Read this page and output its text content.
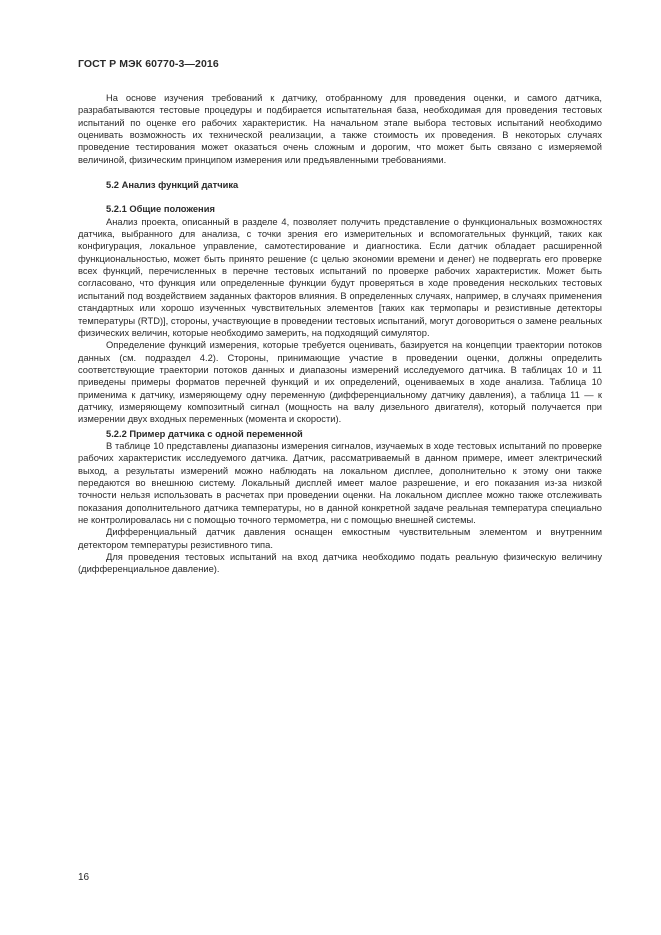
ГОСТ Р МЭК 60770-3—2016

На основе изучения требований к датчику, отобранному для проведения оценки, и самого датчика, разрабатываются тестовые процедуры и подбирается испытательная база, необходимая для проведения тестовых испытаний по оценке его рабочих характеристик. На начальном этапе выбора тестовых испытаний необходимо оценивать возможность их технической реализации, а также стоимость их проведения. В некоторых случаях проведение тестирования может оказаться очень сложным и дорогим, что может быть связано с измеряемой величиной, физическим принципом измерения или предъявленными требованиями.

5.2 Анализ функций датчика

5.2.1 Общие положения

Анализ проекта, описанный в разделе 4, позволяет получить представление о функциональных возможностях датчика, выбранного для анализа, с точки зрения его измерительных и вспомогательных функций, таких как конфигурация, локальное управление, самотестирование и диагностика. Если датчик обладает расширенной функциональностью, может быть принято решение (с целью экономии времени и денег) не подвергать его проверке всех функций, перечисленных в перечне тестовых испытаний по проверке рабочих характеристик. Может быть согласовано, что функция или определенные функции будут проверяться в ходе проведения нескольких тестовых испытаний под воздействием заданных факторов влияния. В определенных случаях, например, в случаях применения стандартных или хорошо изученных чувствительных элементов [таких как термопары и резистивные детекторы температуры (RTD)], стороны, участвующие в проведении тестовых испытаний, могут договориться о замене реальных физических величин, которые необходимо замерить, на подходящий симулятор.

Определение функций измерения, которые требуется оценивать, базируется на концепции траектории потоков данных (см. подраздел 4.2). Стороны, принимающие участие в проведении оценки, должны определить соответствующие траектории потоков данных и диапазоны измерений исследуемого датчика. В таблицах 10 и 11 приведены примеры форматов перечней функций и их определений, оцениваемых в ходе анализа. Таблица 10 применима к датчику, измеряющему одну переменную (дифференциальному датчику давления), а таблица 11 — к датчику, измеряющему композитный сигнал (мощность на валу дизельного двигателя), который получается при измерении двух входных переменных (момента и скорости).

5.2.2 Пример датчика с одной переменной

В таблице 10 представлены диапазоны измерения сигналов, изучаемых в ходе тестовых испытаний по проверке рабочих характеристик исследуемого датчика. Датчик, рассматриваемый в данном примере, имеет электрический выход, а результаты измерений можно наблюдать на локальном дисплее, дополнительно к этому они также передаются во внешнюю систему. Локальный дисплей имеет малое разрешение, и его показания из-за низкой точности нельзя использовать в расчетах при проведении оценки. На локальном дисплее можно также отслеживать показания дополнительного датчика температуры, но в данной конкретной задаче реальная температура специально не контролировалась ни с помощью точного термометра, ни с помощью внешней системы.

Дифференциальный датчик давления оснащен емкостным чувствительным элементом и внутренним детектором температуры резистивного типа.

Для проведения тестовых испытаний на вход датчика необходимо подать реальную физическую величину (дифференциальное давление).

16
